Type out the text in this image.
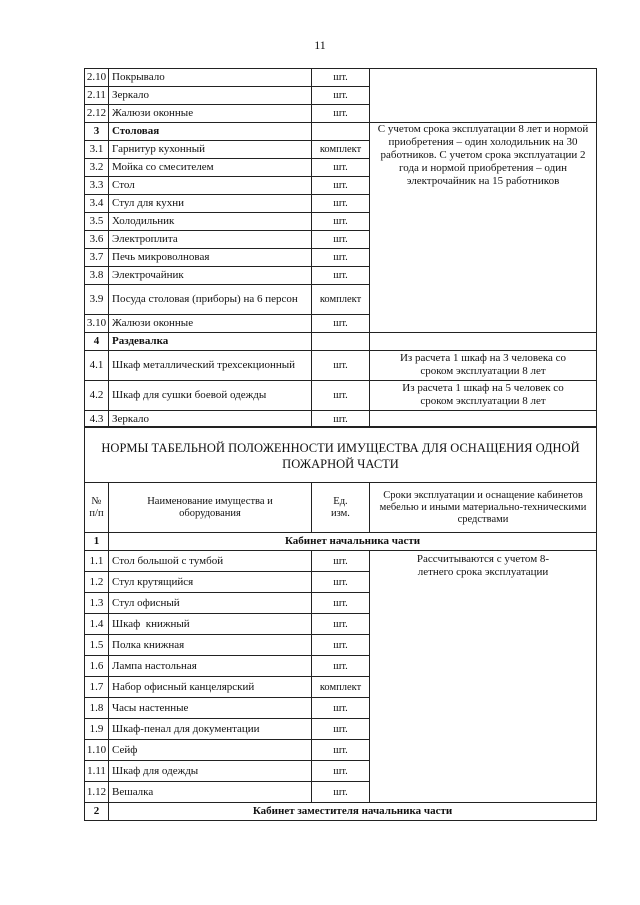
11
2.10	Покрывало	шт.	
2.11	Зеркало	шт.	
2.12	Жалюзи оконные	шт.	
3	Столовая		С учетом срока эксплуатации 8 лет и нормой приобретения – один холодильник на 30 работников. С учетом срока эксплуатации 2 года и нормой приобретения – один электрочайник на 15 работников
3.1	Гарнитур кухонный	комплект	
3.2	Мойка со смесителем	шт.	
3.3	Стол	шт.	
3.4	Стул для кухни	шт.	
3.5	Холодильник	шт.	
3.6	Электроплита	шт.	
3.7	Печь микроволновая	шт.	
3.8	Электрочайник	шт.	
3.9	Посуда столовая (приборы) на 6 персон	комплект	
3.10	Жалюзи оконные	шт.	
4	Раздевалка		
4.1	Шкаф металлический трехсекционный	шт.	Из расчета 1 шкаф на 3 человека со сроком эксплуатации 8 лет
4.2	Шкаф для сушки боевой одежды	шт.	Из расчета 1 шкаф на 5 человек со сроком эксплуатации 8 лет
4.3	Зеркало	шт.	
НОРМЫ ТАБЕЛЬНОЙ ПОЛОЖЕННОСТИ ИМУЩЕСТВА ДЛЯ ОСНАЩЕНИЯ ОДНОЙ ПОЖАРНОЙ ЧАСТИ			
№ п/п	Наименование имущества и оборудования	Ед. изм.	Сроки эксплуатации и оснащение кабинетов мебелью и иными материально-техническими средствами
1	Кабинет начальника части		
1.1	Стол большой с тумбой	шт.	Рассчитываются с учетом 8-летнего срока эксплуатации
1.2	Стул крутящийся	шт.	
1.3	Стул офисный	шт.	
1.4	Шкаф  книжный	шт.	
1.5	Полка книжная	шт.	
1.6	Лампа настольная	шт.	
1.7	Набор офисный канцелярский	комплект	
1.8	Часы настенные	шт.	
1.9	Шкаф-пенал для документации	шт.	
1.10	Сейф	шт.	
1.11	Шкаф для одежды	шт.	
1.12	Вешалка	шт.	
2	Кабинет заместителя начальника части		
